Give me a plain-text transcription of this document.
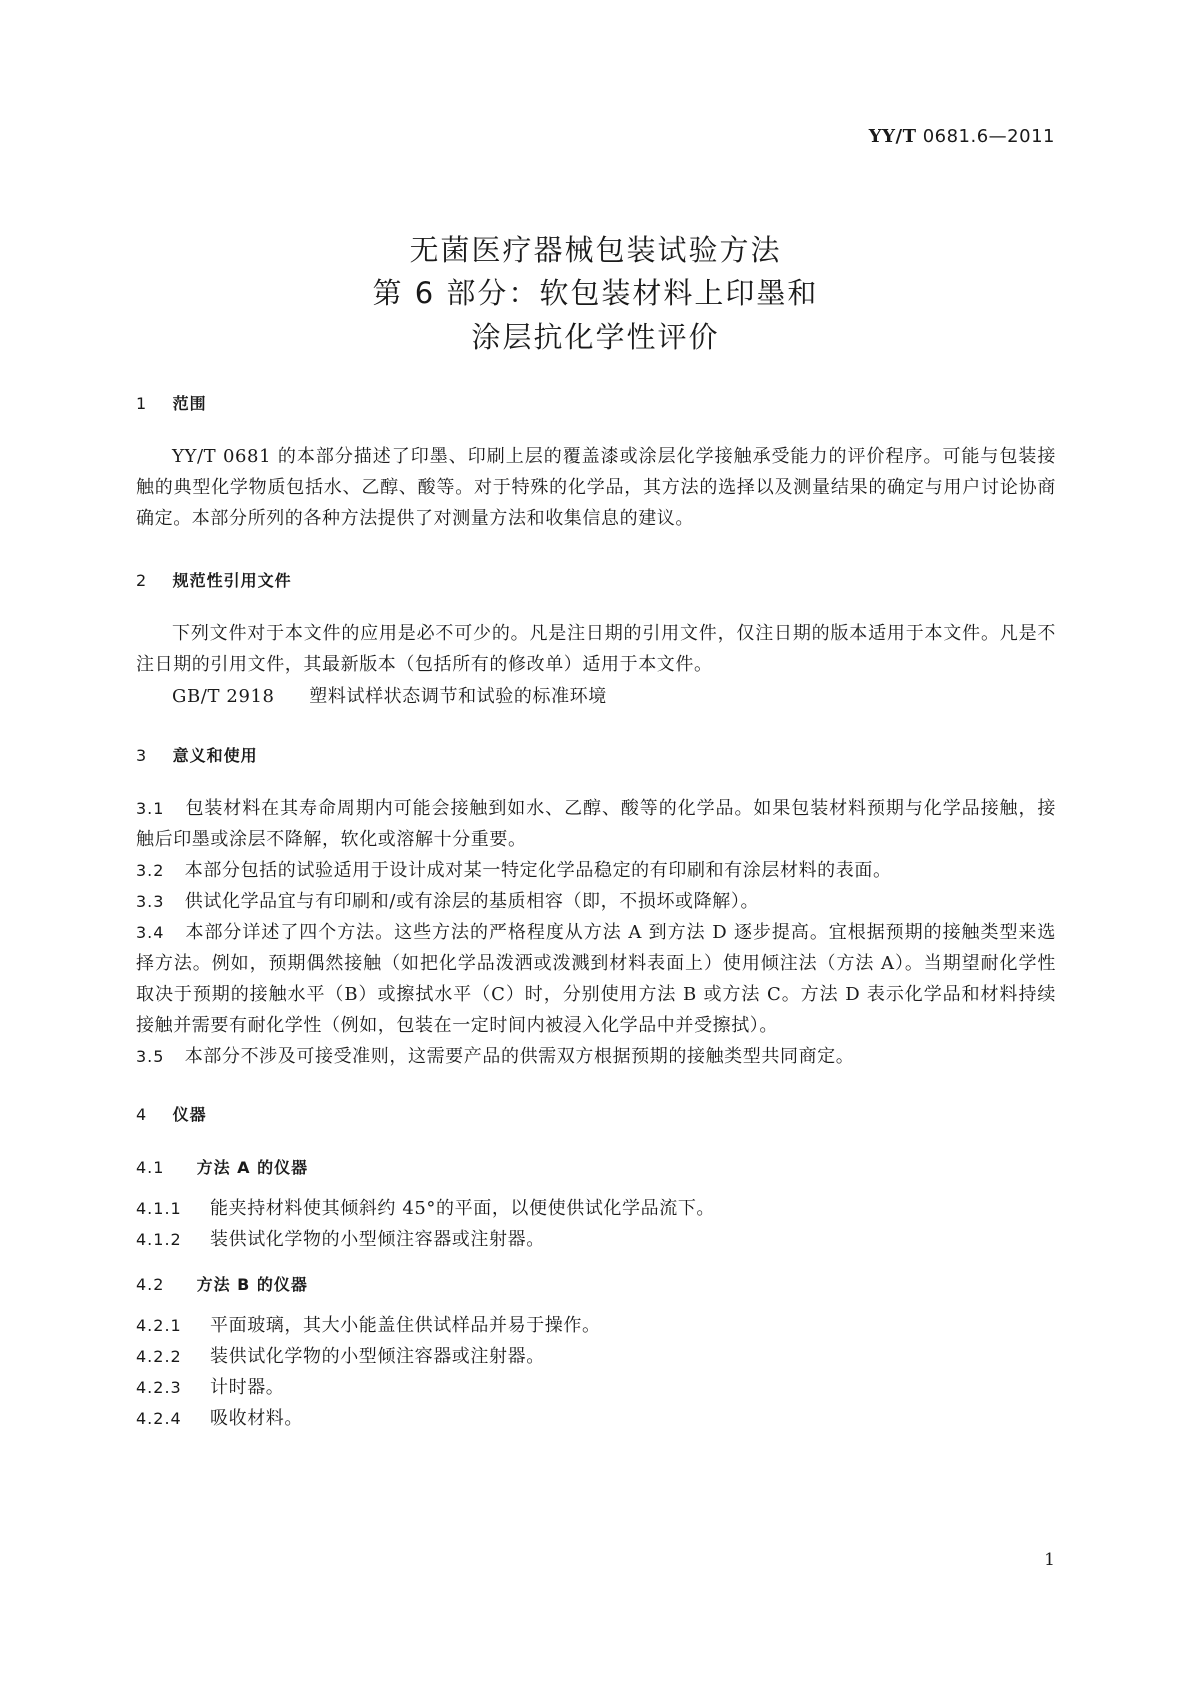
YY/T 0681.6—2011
无菌医疗器械包装试验方法
第 6 部分：软包装材料上印墨和
涂层抗化学性评价
1 范围

YY/T 0681 的本部分描述了印墨、印刷上层的覆盖漆或涂层化学接触承受能力的评价程序。可能与包装接触的典型化学物质包括水、乙醇、酸等。对于特殊的化学品，其方法的选择以及测量结果的确定与用户讨论协商确定。本部分所列的各种方法提供了对测量方法和收集信息的建议。

2 规范性引用文件

下列文件对于本文件的应用是必不可少的。凡是注日期的引用文件，仅注日期的版本适用于本文件。凡是不注日期的引用文件，其最新版本（包括所有的修改单）适用于本文件。

GB/T 2918 塑料试样状态调节和试验的标准环境
3 意义和使用

3.1 包装材料在其寿命周期内可能会接触到如水、乙醇、酸等的化学品。如果包装材料预期与化学品接触，接触后印墨或涂层不降解，软化或溶解十分重要。

3.2 本部分包括的试验适用于设计成对某一特定化学品稳定的有印刷和有涂层材料的表面。

3.3 供试化学品宜与有印刷和/或有涂层的基质相容（即，不损坏或降解）。

3.4 本部分详述了四个方法。这些方法的严格程度从方法 A 到方法 D 逐步提高。宜根据预期的接触类型来选择方法。例如，预期偶然接触（如把化学品泼洒或泼溅到材料表面上）使用倾注法（方法 A）。当期望耐化学性取决于预期的接触水平（B）或擦拭水平（C）时，分别使用方法 B 或方法 C。方法 D 表示化学品和材料持续接触并需要有耐化学性（例如，包装在一定时间内被浸入化学品中并受擦拭）。

3.5 本部分不涉及可接受准则，这需要产品的供需双方根据预期的接触类型共同商定。

4 仪器
4.1 方法 A 的仪器
4.1.1 能夹持材料使其倾斜约 45°的平面，以便使供试化学品流下。
4.1.2 装供试化学物的小型倾注容器或注射器。
4.2 方法 B 的仪器
4.2.1 平面玻璃，其大小能盖住供试样品并易于操作。
4.2.2 装供试化学物的小型倾注容器或注射器。
4.2.3 计时器。
4.2.4 吸收材料。
1
